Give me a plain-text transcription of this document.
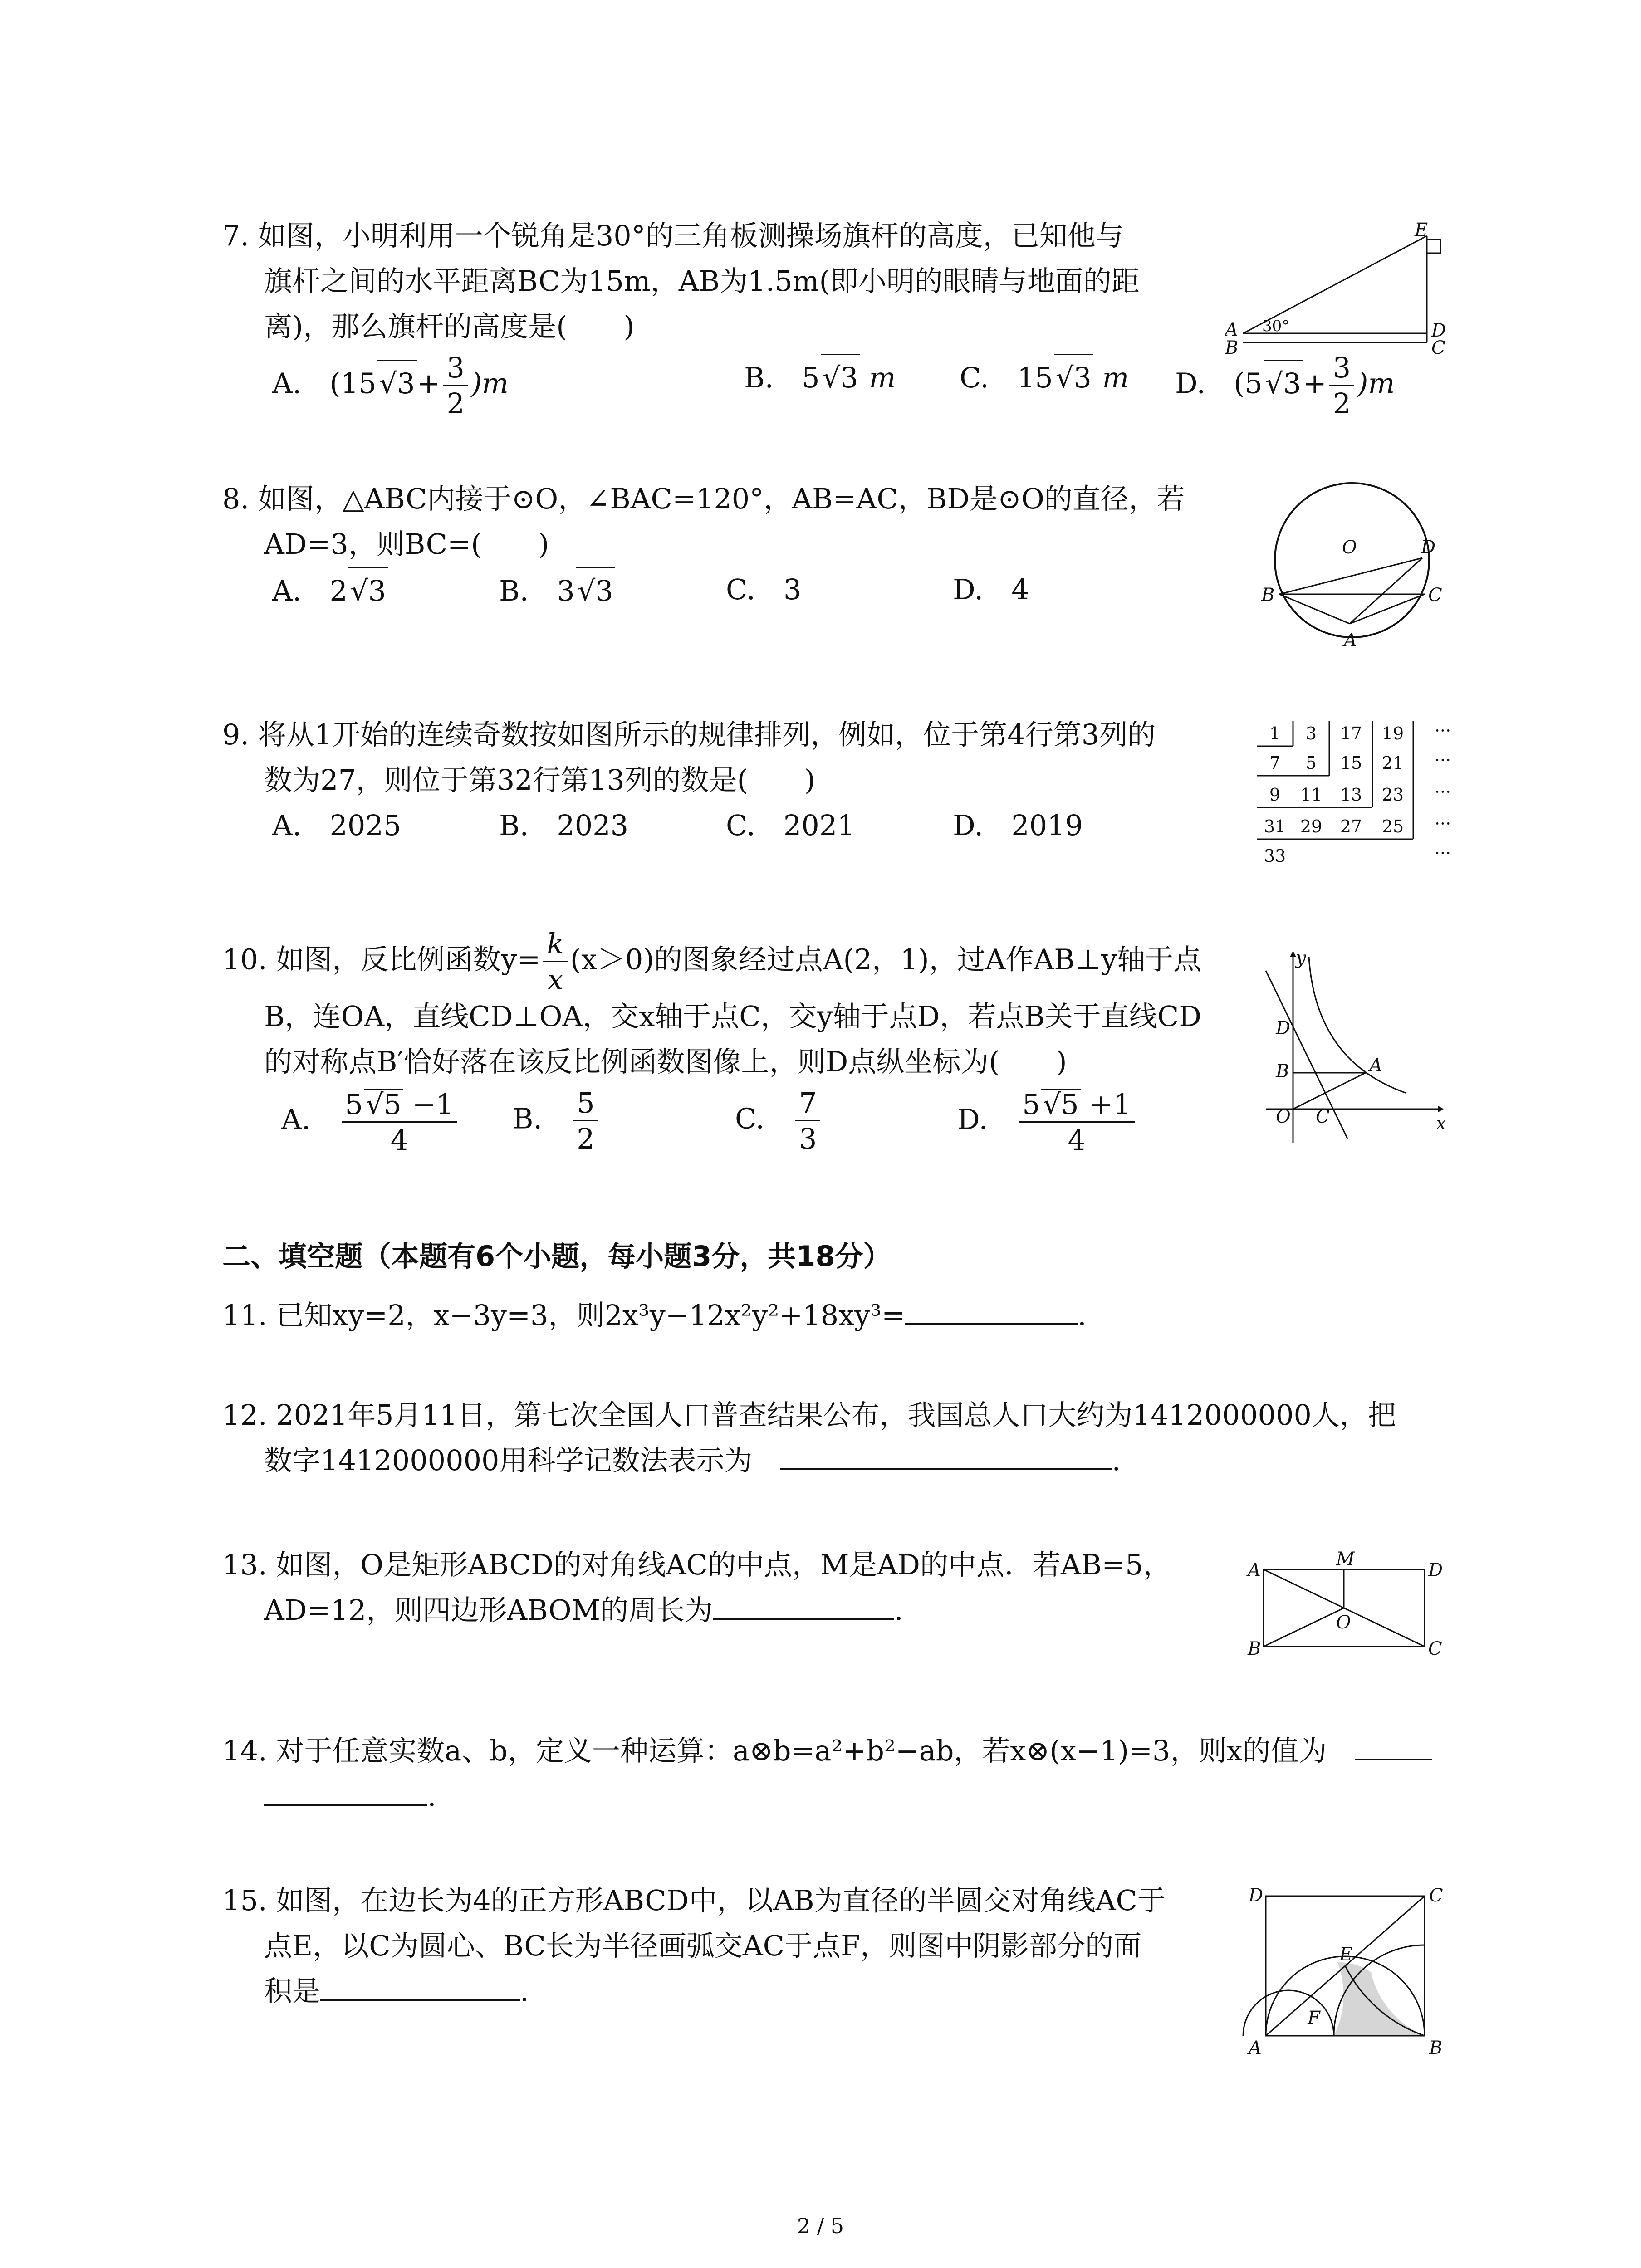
7. 如图，小明利用一个锐角是30°的三角板测操场旗杆的高度，已知他与
旗杆之间的水平距离BC为15m，AB为1.5m(即小明的眼睛与地面的距
离)，那么旗杆的高度是(　　)
A.　 $(15√3+ \frac{3}{2} )m$	B.　 5√3 m C.　 15√3 m D.　 $(5√3+ \frac{3}{2} )m$
E
A
B
D
C
30°
8. 如图，△ABC内接于⊙O，∠BAC=120°，AB=AC，BD是⊙O的直径，若
AD=3，则BC=(　　)
A.　 2√3	B.　 3√3	C.　 3	D.　 4
O	D
B	C
A
9. 将从1开始的连续奇数按如图所示的规律排列，例如，位于第4行第3列的
数为27，则位于第32行第13列的数是(　　)
A.　2025	B.　2023	C.　2021	D.　2019
1 3 17 19 ···
7 5 15 21 ···
9 11 13 23 ···
31 29 27 25 ···
33	···
10. 如图，反比例函数$y= \frac{k}{x} (x>0)$的图象经过点A(2，1)，过A作AB⊥y轴于点
B，连OA，直线CD⊥OA，交x轴于点C，交y轴于点D，若点B关于直线CD
的对称点B′恰好落在该反比例函数图像上，则D点纵坐标为(　　)
A.　 $\frac{5√5 -1}{4} B$.　 $\frac{5}{2}$	C.　 $\frac{7}{3}$	D.　 $\frac{5√5 +1}{4}$
y
x
D
B	A
O C
二、填空题（本题有6个小题，每小题3分，共18分）
11. 已知xy=2，x−3y=3，则2x³y−12x²y²+18xy³=	.
12. 2021年5月11日，第七次全国人口普查结果公布，我国总人口大约为1412000000人，把
数字1412000000用科学记数法表示为　	.
13. 如图，O是矩形ABCD的对角线AC的中点，M是AD的中点．若AB=5，
AD=12，则四边形ABOM的周长为	.
A
M
D
B
O
C
14. 对于任意实数a、b，定义一种运算：a⊗b=a²+b²−ab，若x⊗(x−1)=3，则x的值为　
.
15. 如图，在边长为4的正方形ABCD中，以AB为直径的半圆交对角线AC于
点E，以C为圆心、BC长为半径画弧交AC于点F，则图中阴影部分的面
积是	.
D	C
E
F
A	B
2 / 5
